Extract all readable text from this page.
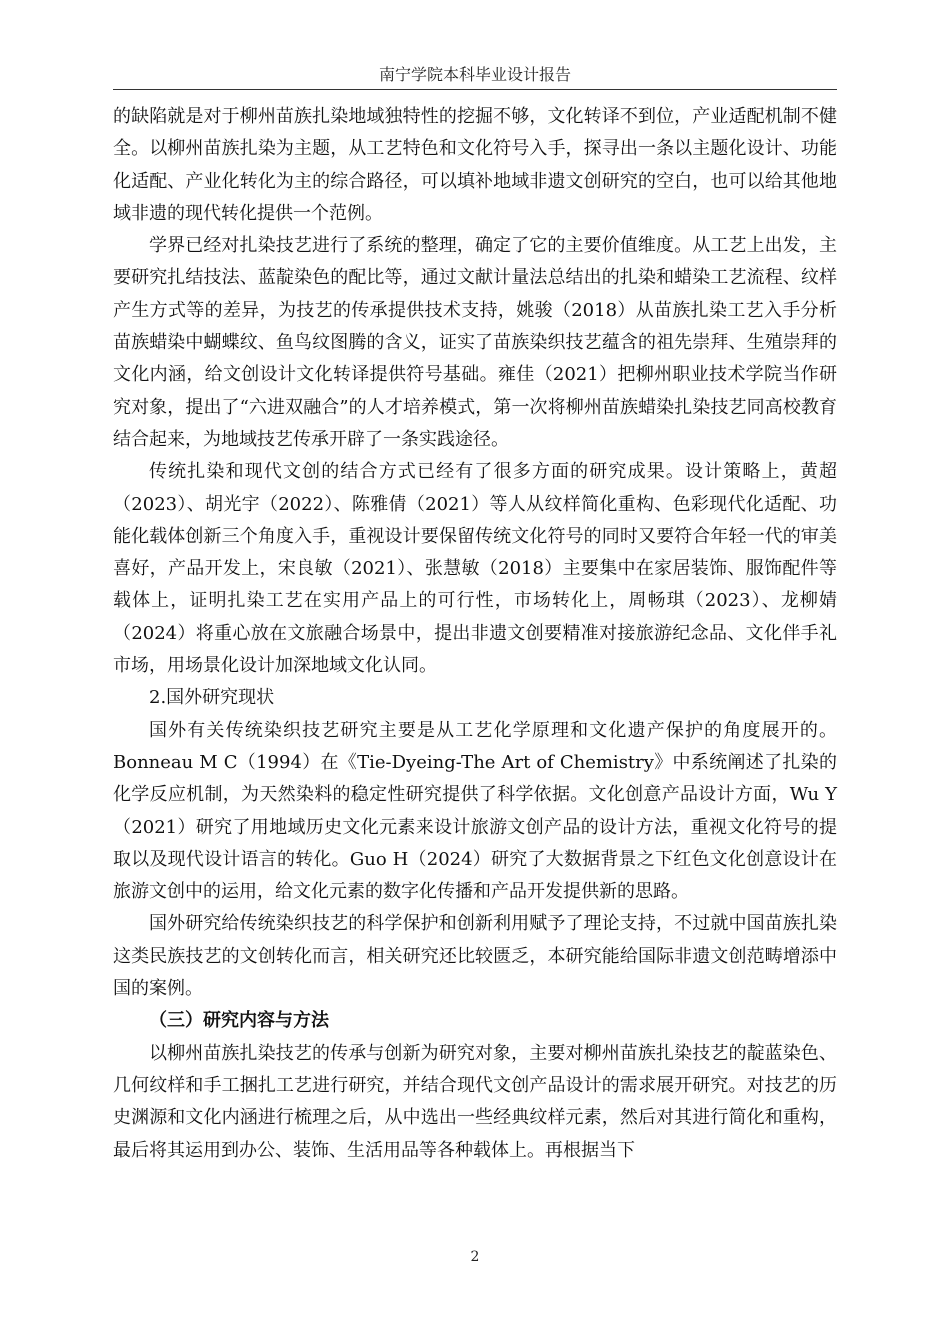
南宁学院本科毕业设计报告

的缺陷就是对于柳州苗族扎染地域独特性的挖掘不够，文化转译不到位，产业适配机制不健全。以柳州苗族扎染为主题，从工艺特色和文化符号入手，探寻出一条以主题化设计、功能化适配、产业化转化为主的综合路径，可以填补地域非遗文创研究的空白，也可以给其他地域非遗的现代转化提供一个范例。

学界已经对扎染技艺进行了系统的整理，确定了它的主要价值维度。从工艺上出发，主要研究扎结技法、蓝靛染色的配比等，通过文献计量法总结出的扎染和蜡染工艺流程、纹样产生方式等的差异，为技艺的传承提供技术支持，姚骏（2018）从苗族扎染工艺入手分析苗族蜡染中蝴蝶纹、鱼鸟纹图腾的含义，证实了苗族染织技艺蕴含的祖先崇拜、生殖崇拜的文化内涵，给文创设计文化转译提供符号基础。雍佳（2021）把柳州职业技术学院当作研究对象，提出了“六进双融合”的人才培养模式，第一次将柳州苗族蜡染扎染技艺同高校教育结合起来，为地域技艺传承开辟了一条实践途径。

传统扎染和现代文创的结合方式已经有了很多方面的研究成果。设计策略上，黄超（2023）、胡光宇（2022）、陈雅倩（2021）等人从纹样简化重构、色彩现代化适配、功能化载体创新三个角度入手，重视设计要保留传统文化符号的同时又要符合年轻一代的审美喜好，产品开发上，宋良敏（2021）、张慧敏（2018）主要集中在家居装饰、服饰配件等载体上，证明扎染工艺在实用产品上的可行性，市场转化上，周畅琪（2023）、龙柳婧（2024）将重心放在文旅融合场景中，提出非遗文创要精准对接旅游纪念品、文化伴手礼市场，用场景化设计加深地域文化认同。

2.国外研究现状

国外有关传统染织技艺研究主要是从工艺化学原理和文化遗产保护的角度展开的。Bonneau M C（1994）在《Tie-Dyeing-The Art of Chemistry》中系统阐述了扎染的化学反应机制，为天然染料的稳定性研究提供了科学依据。文化创意产品设计方面，Wu Y（2021）研究了用地域历史文化元素来设计旅游文创产品的设计方法，重视文化符号的提取以及现代设计语言的转化。Guo H（2024）研究了大数据背景之下红色文化创意设计在旅游文创中的运用，给文化元素的数字化传播和产品开发提供新的思路。

国外研究给传统染织技艺的科学保护和创新利用赋予了理论支持，不过就中国苗族扎染这类民族技艺的文创转化而言，相关研究还比较匮乏，本研究能给国际非遗文创范畴增添中国的案例。

（三）研究内容与方法

以柳州苗族扎染技艺的传承与创新为研究对象，主要对柳州苗族扎染技艺的靛蓝染色、几何纹样和手工捆扎工艺进行研究，并结合现代文创产品设计的需求展开研究。对技艺的历史渊源和文化内涵进行梳理之后，从中选出一些经典纹样元素，然后对其进行简化和重构，最后将其运用到办公、装饰、生活用品等各种载体上。再根据当下

2
